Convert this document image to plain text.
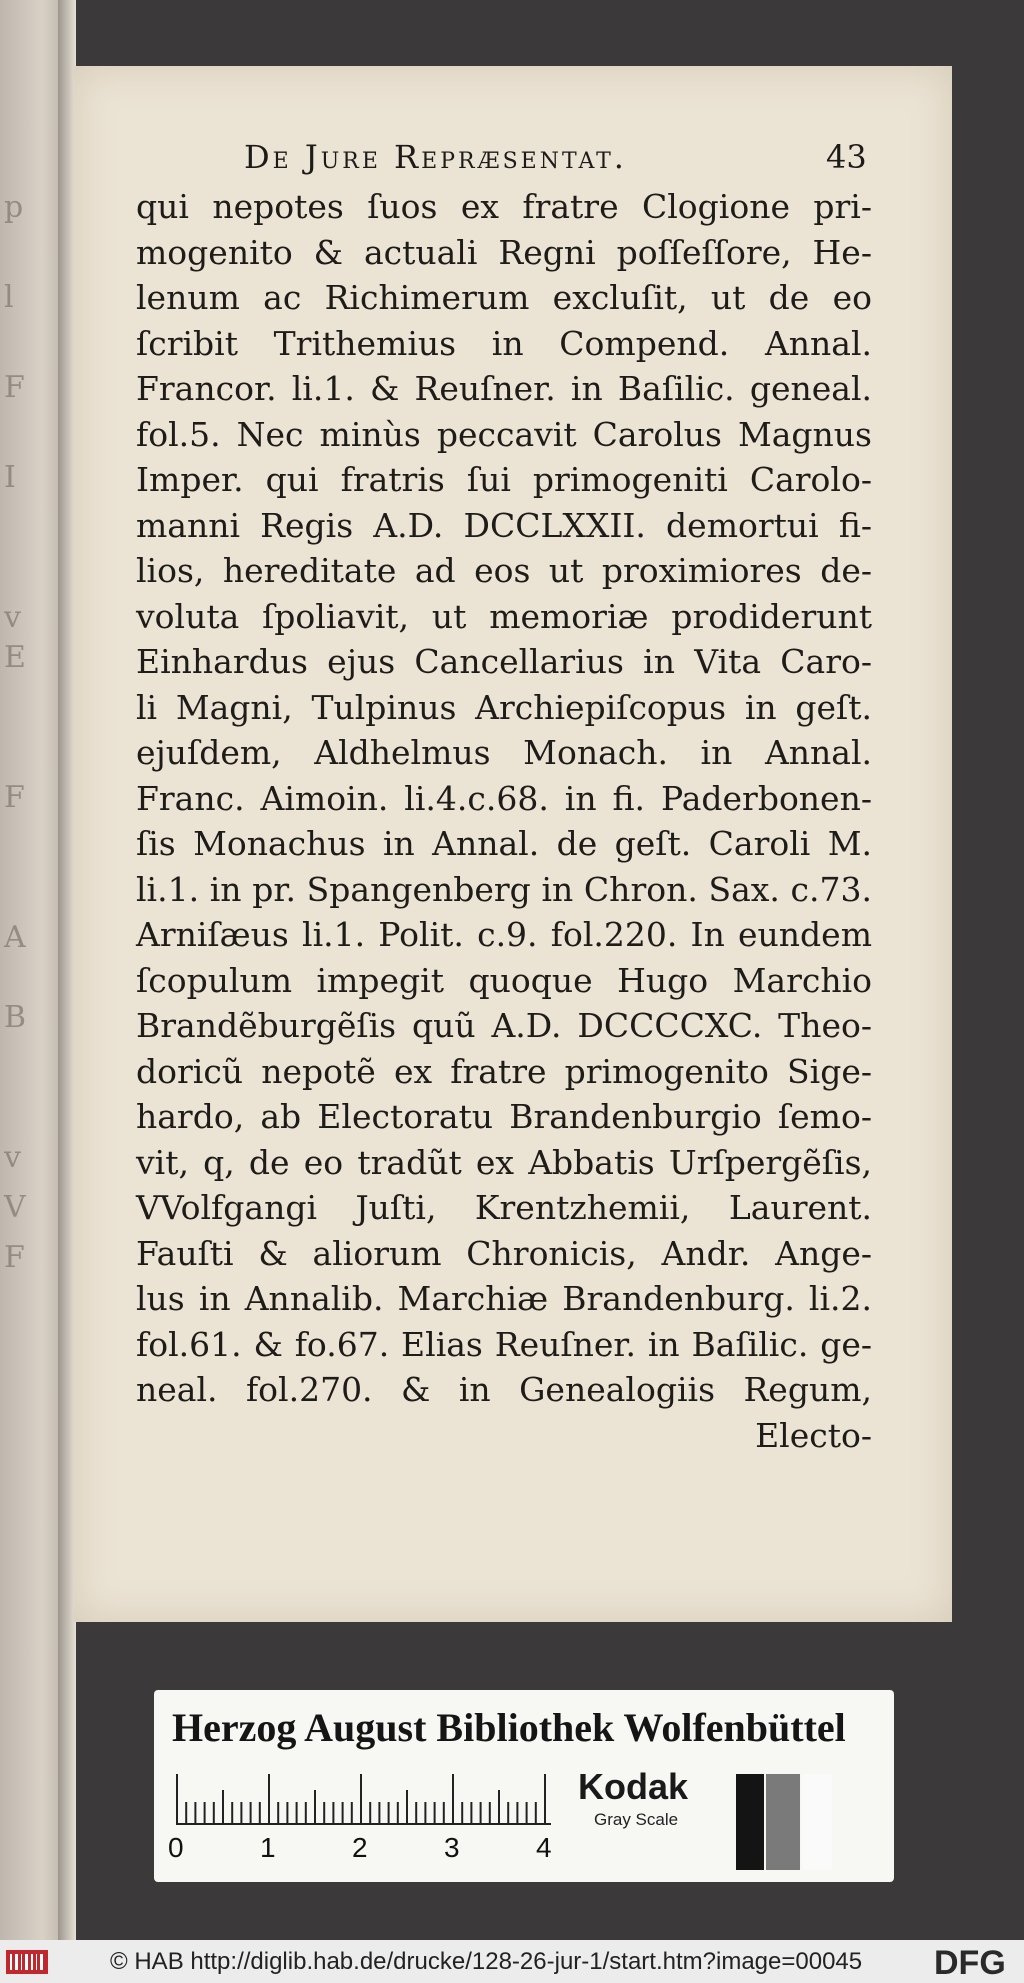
p
l
F
I
v
E
F
A
B
v
V
F
De Jure Repræsentat.	43
qui nepotes ſuos ex fratre Clogione pri-
mogenito & actuali Regni poſſeſſore, He-
lenum ac Richimerum excluſit, ut de eo
ſcribit Trithemius in Compend. Annal.
Francor. li.1. & Reuſner. in Baſilic. geneal.
fol.5. Nec minùs peccavit Carolus Magnus
Imper. qui fratris ſui primogeniti Carolo-
manni Regis A.D. DCCLXXII. demortui fi-
lios, hereditate ad eos ut proximiores de-
voluta ſpoliavit, ut memoriæ prodiderunt
Einhardus ejus Cancellarius in Vita Caro-
li Magni, Tulpinus Archiepiſcopus in geſt.
ejuſdem, Aldhelmus Monach. in Annal.
Franc. Aimoin. li.4.c.68. in fi. Paderbonen-
ſis Monachus in Annal. de geſt. Caroli M.
li.1. in pr. Spangenberg in Chron. Sax. c.73.
Arniſæus li.1. Polit. c.9. fol.220. In eundem
ſcopulum impegit quoque Hugo Marchio
Brandẽburgẽſis quũ A.D. DCCCCXC. Theo-
doricũ nepotẽ ex fratre primogenito Sige-
hardo, ab Electoratu Brandenburgio ſemo-
vit, q, de eo tradũt ex Abbatis Urſpergẽſis,
VVolfgangi Juſti, Krentzhemii, Laurent.
Fauſti & aliorum Chronicis, Andr. Ange-
lus in Annalib. Marchiæ Brandenburg. li.2.
fol.61. & fo.67. Elias Reuſner. in Baſilic. ge-
neal. fol.270. & in Genealogiis Regum,
Electo-
Herzog August Bibliothek Wolfenbüttel
0	1	2	3	4
Kodak
Gray Scale
© HAB http://diglib.hab.de/drucke/128-26-jur-1/start.htm?image=00045 DFG
